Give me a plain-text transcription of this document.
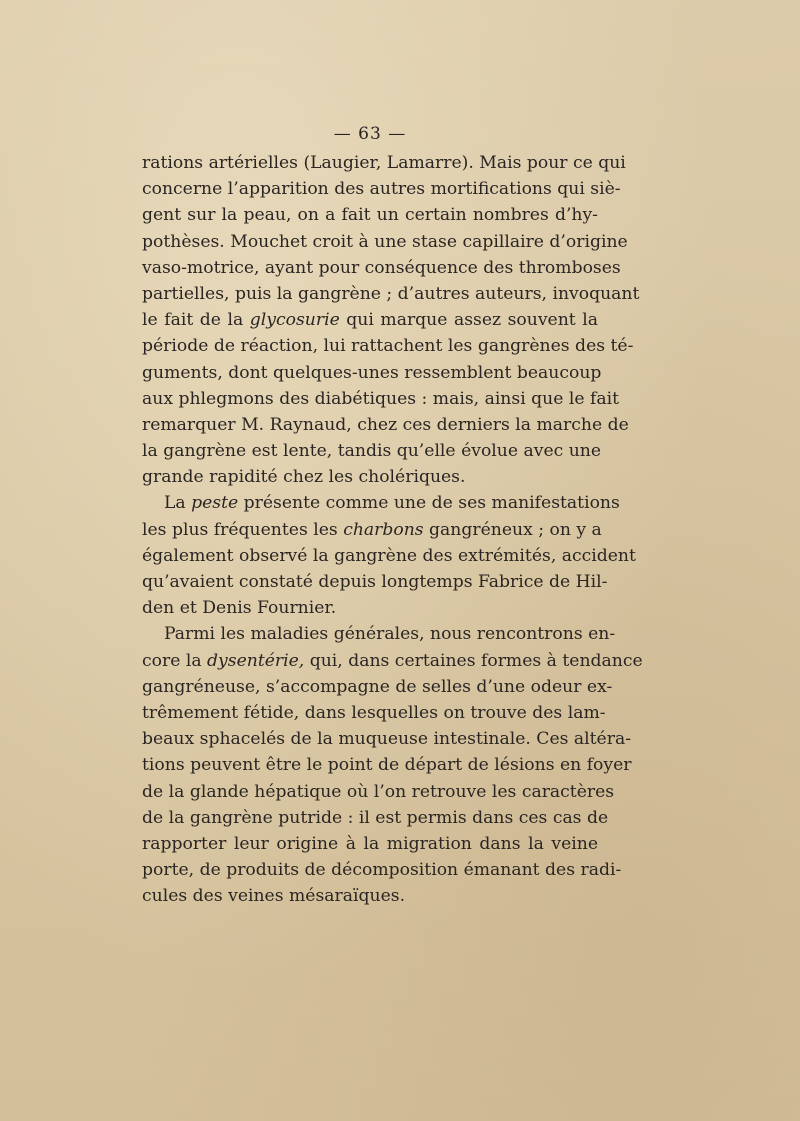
— 63 —
rations artérielles (Laugier, Lamarre). Mais pour ce qui
concerne l’apparition des autres mortifications qui siè-
gent sur la peau, on a fait un certain nombres d’hy-
pothèses. Mouchet croit à une stase capillaire d’origine
vaso-motrice, ayant pour conséquence des thromboses
partielles, puis la gangrène ; d’autres auteurs, invoquant
le fait de la glycosurie qui marque assez souvent la
période de réaction, lui rattachent les gangrènes des té-
guments, dont quelques-unes ressemblent beaucoup
aux phlegmons des diabétiques : mais, ainsi que le fait
remarquer M. Raynaud, chez ces derniers la marche de
la gangrène est lente, tandis qu’elle évolue avec une
grande rapidité chez les cholériques.
La peste présente comme une de ses manifestations
les plus fréquentes les charbons gangréneux ; on y a
également observé la gangrène des extrémités, accident
qu’avaient constaté depuis longtemps Fabrice de Hil-
den et Denis Fournier.
Parmi les maladies générales, nous rencontrons en-
core la dysentérie, qui, dans certaines formes à tendance
gangréneuse, s’accompagne de selles d’une odeur ex-
trêmement fétide, dans lesquelles on trouve des lam-
beaux sphacelés de la muqueuse intestinale. Ces altéra-
tions peuvent être le point de départ de lésions en foyer
de la glande hépatique où l’on retrouve les caractères
de la gangrène putride : il est permis dans ces cas de
rapporter leur origine à la migration dans la veine
porte, de produits de décomposition émanant des radi-
cules des veines mésaraïques.
